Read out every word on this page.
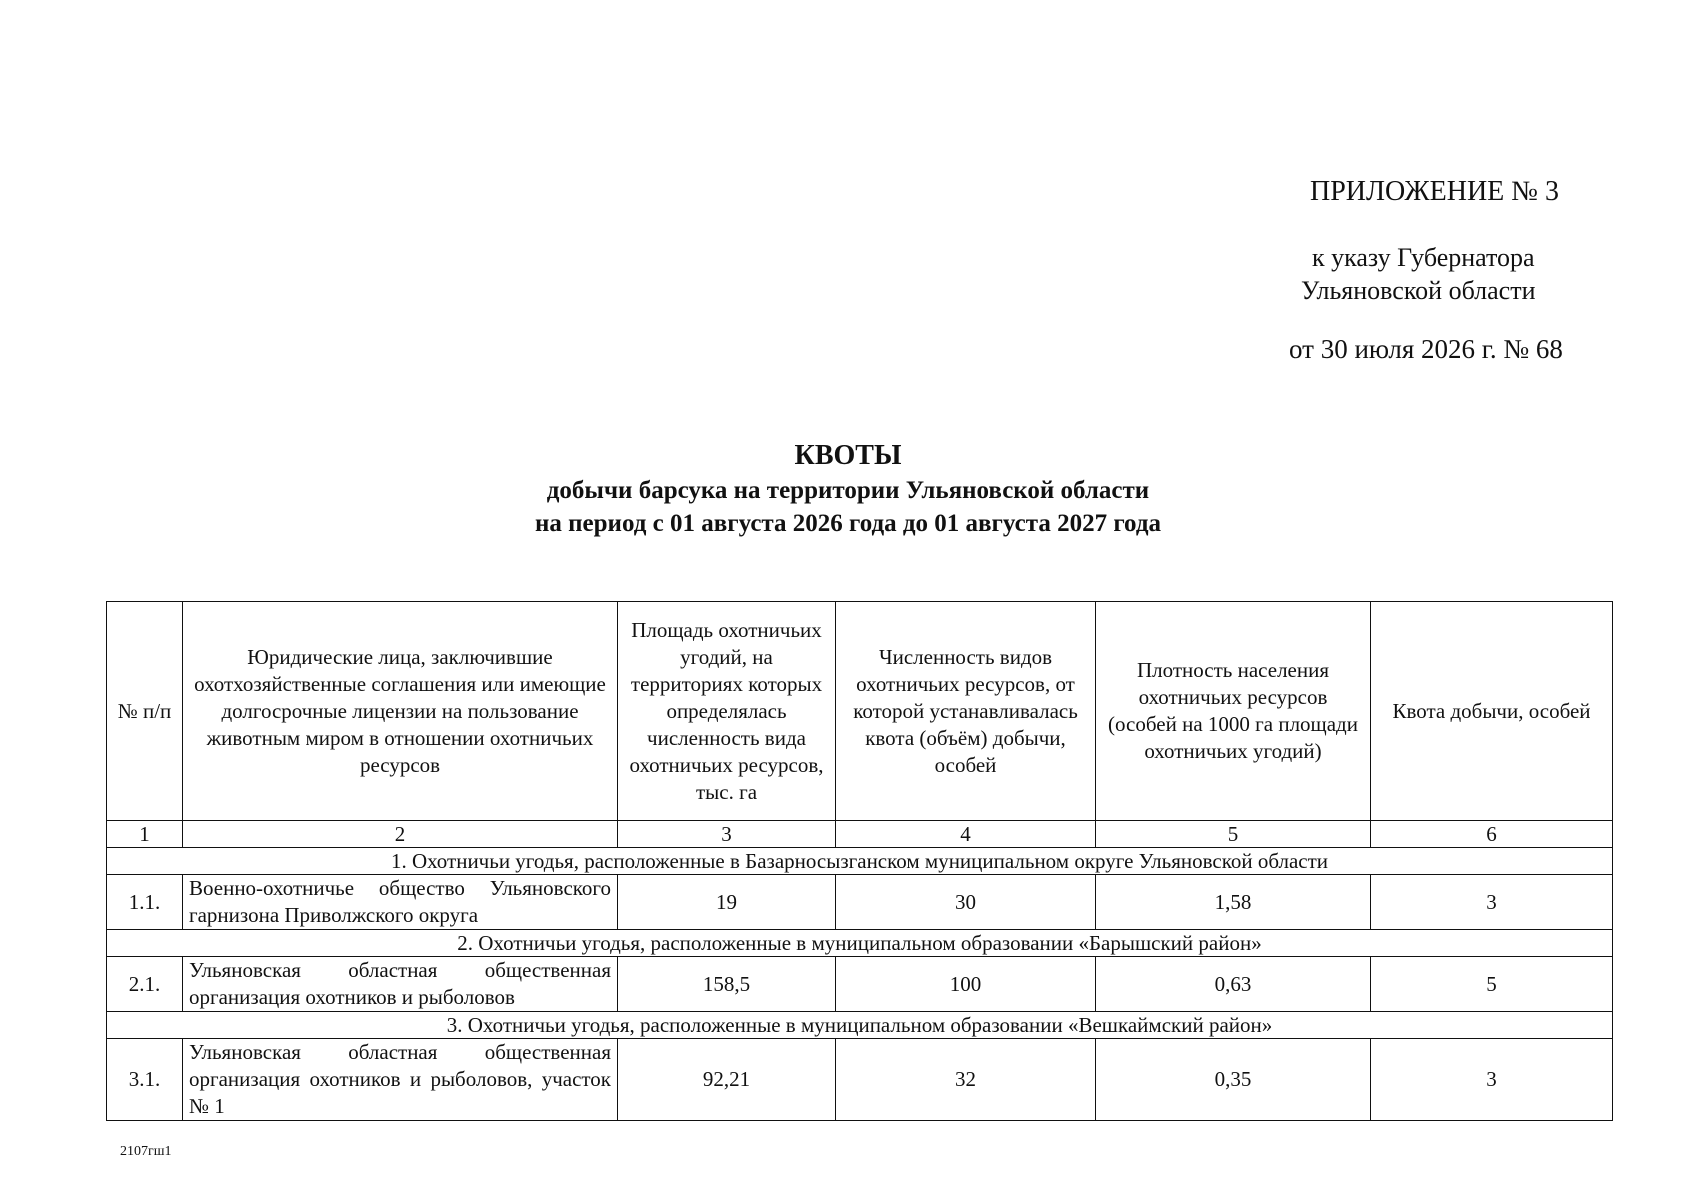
ПРИЛОЖЕНИЕ № 3
к указу Губернатора
Ульяновской области
от 30 июля 2026 г. № 68
КВОТЫ
добычи барсука на территории Ульяновской области
на период с 01 августа 2026 года до 01 августа 2027 года
№ п/п	Юридические лица, заключившие охотхозяйственные соглашения или имеющие долгосрочные лицензии на пользование животным миром в отношении охотничьих ресурсов	Площадь охотничьих угодий, на территориях которых определялась численность вида охотничьих ресурсов, тыс. га	Численность видов охотничьих ресурсов, от которой устанавливалась квота (объём) добычи, особей	Плотность населения охотничьих ресурсов (особей на 1000 га площади охотничьих угодий)	Квота добычи, особей
1	2	3	4	5	6
1. Охотничьи угодья, расположенные в Базарносызганском муниципальном округе Ульяновской области					
1.1.	Военно-охотничье общество Ульяновского гарнизона Приволжского округа	19	30	1,58	3
2. Охотничьи угодья, расположенные в муниципальном образовании «Барышский район»					
2.1.	Ульяновская областная общественная организация охотников и рыболовов	158,5	100	0,63	5
3. Охотничьи угодья, расположенные в муниципальном образовании «Вешкаймский район»					
3.1.	Ульяновская областная общественная организация охотников и рыболовов, участок № 1	92,21	32	0,35	3
2107гш1
